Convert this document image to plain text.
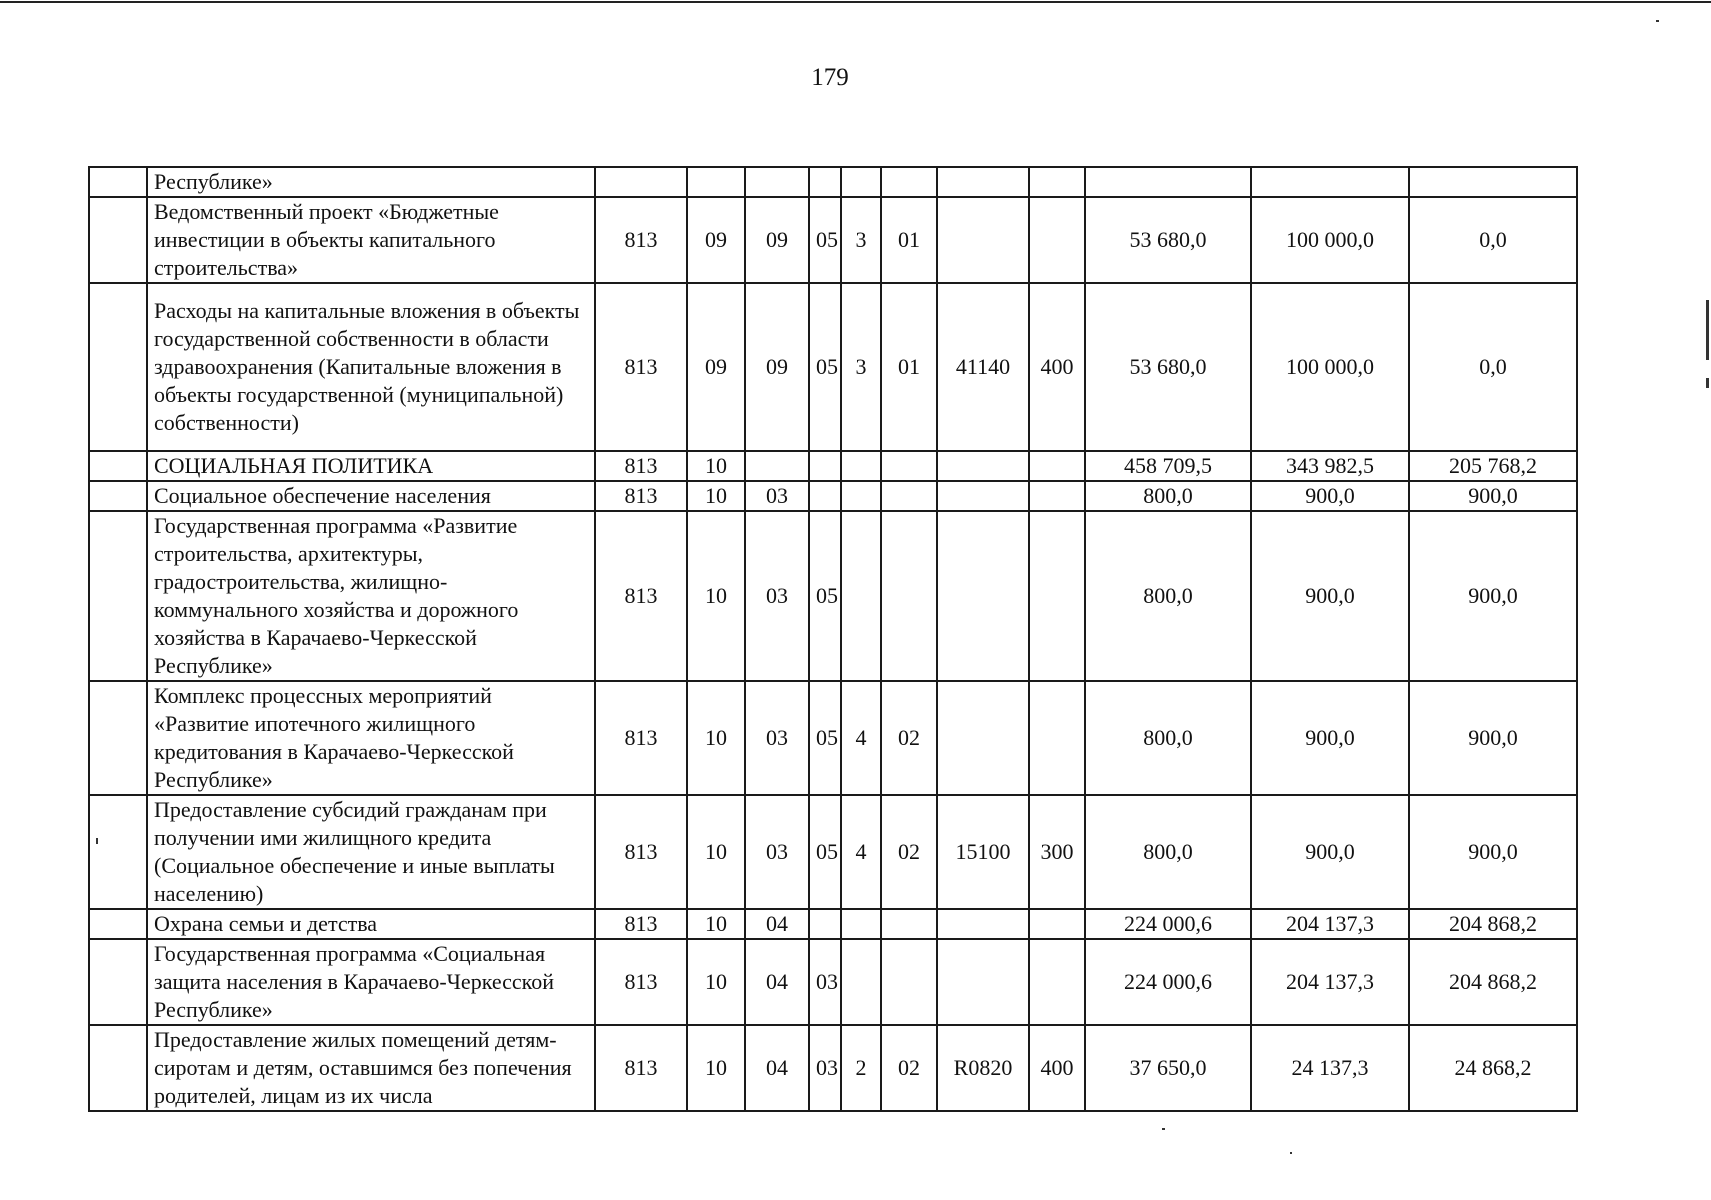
179
	Республике»											
	Ведомственный проект «Бюджетные инвестиции в объекты капитального строительства»	813	09	09	05	3	01			53 680,0	100 000,0	0,0
	Расходы на капитальные вложения в объекты государственной собственности в области здравоохранения (Капитальные вложения в объекты государственной (муниципальной) собственности)	813	09	09	05	3	01	41140	400	53 680,0	100 000,0	0,0
	СОЦИАЛЬНАЯ ПОЛИТИКА	813	10							458 709,5	343 982,5	205 768,2
	Социальное обеспечение населения	813	10	03						800,0	900,0	900,0
	Государственная программа «Развитие строительства, архитектуры, градостроительства, жилищно-коммунального хозяйства и дорожного хозяйства в Карачаево-Черкесской Республике»	813	10	03	05					800,0	900,0	900,0
	Комплекс процессных мероприятий «Развитие ипотечного жилищного кредитования в Карачаево-Черкесской Республике»	813	10	03	05	4	02			800,0	900,0	900,0
	Предоставление субсидий гражданам при получении ими жилищного кредита (Социальное обеспечение и иные выплаты населению)	813	10	03	05	4	02	15100	300	800,0	900,0	900,0
	Охрана семьи и детства	813	10	04						224 000,6	204 137,3	204 868,2
	Государственная программа «Социальная защита населения в Карачаево-Черкесской Республике»	813	10	04	03					224 000,6	204 137,3	204 868,2
	Предоставление жилых помещений детям-сиротам и детям, оставшимся без попечения родителей, лицам из их числа	813	10	04	03	2	02	R0820	400	37 650,0	24 137,3	24 868,2
